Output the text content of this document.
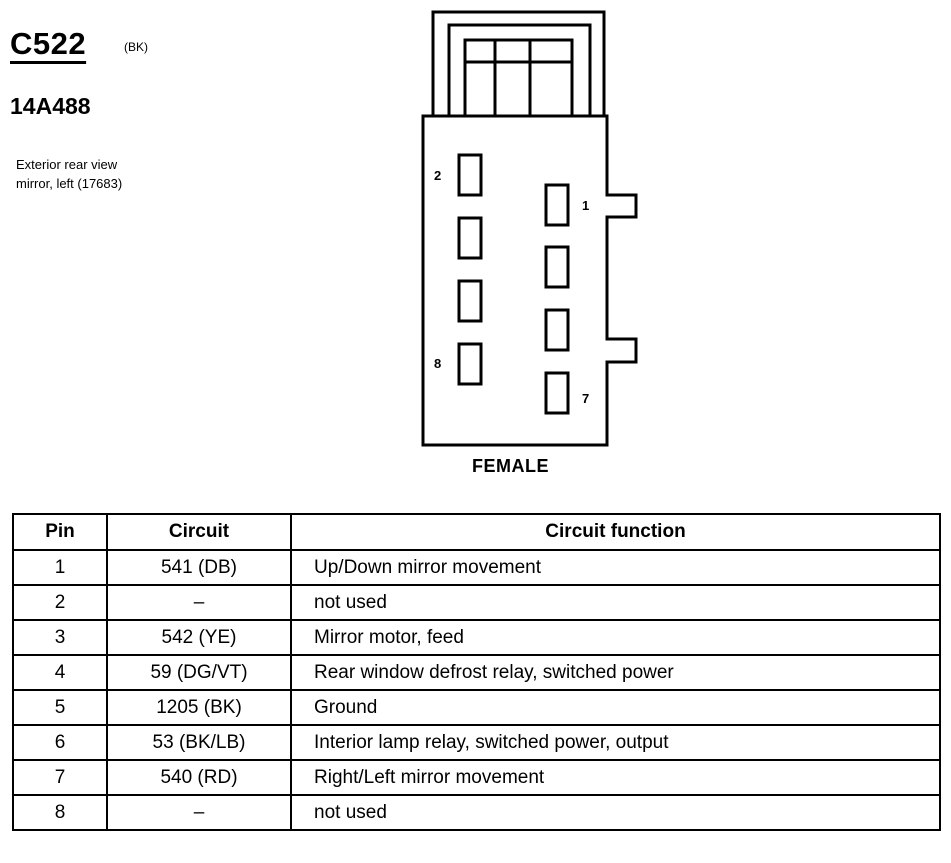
C522	(BK)
14A488
Exterior rear view
mirror, left (17683)
2
8
1
7
FEMALE
Pin	Circuit	Circuit function
1	541 (DB)	Up/Down mirror movement
2	–	not used
3	542 (YE)	Mirror motor, feed
4	59 (DG/VT)	Rear window defrost relay, switched power
5	1205 (BK)	Ground
6	53 (BK/LB)	Interior lamp relay, switched power, output
7	540 (RD)	Right/Left mirror movement
8	–	not used
